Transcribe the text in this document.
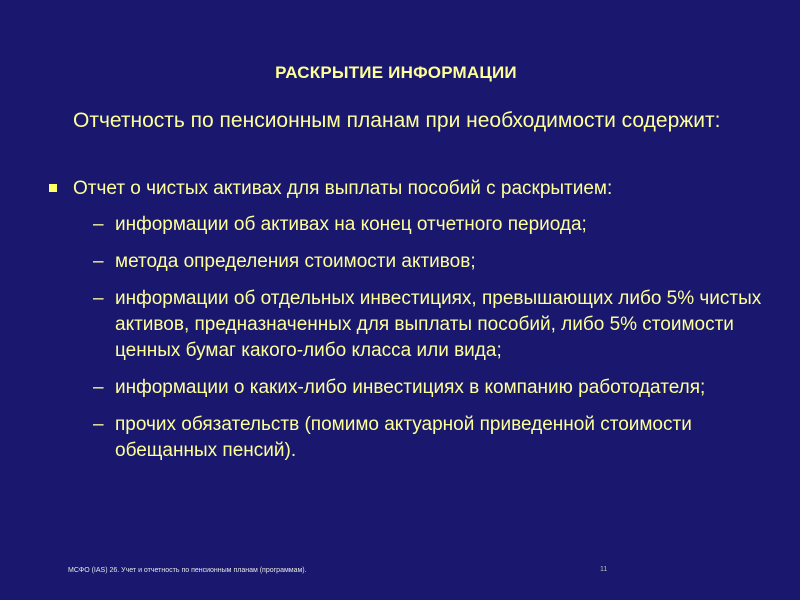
РАСКРЫТИЕ ИНФОРМАЦИИ
Отчетность по пенсионным планам при необходимости содержит:
Отчет о чистых активах для выплаты пособий с раскрытием:
– информации об активах на конец отчетного периода;
– метода определения стоимости активов;
– информации об отдельных инвестициях, превышающих либо 5% чистых активов, предназначенных для выплаты пособий, либо 5% стоимости ценных бумаг какого-либо класса или вида;
– информации о каких-либо инвестициях в компанию работодателя;
– прочих обязательств (помимо актуарной приведенной стоимости обещанных пенсий).
МСФО (IAS) 26. Учет и отчетность по пенсионным планам (программам).	11
